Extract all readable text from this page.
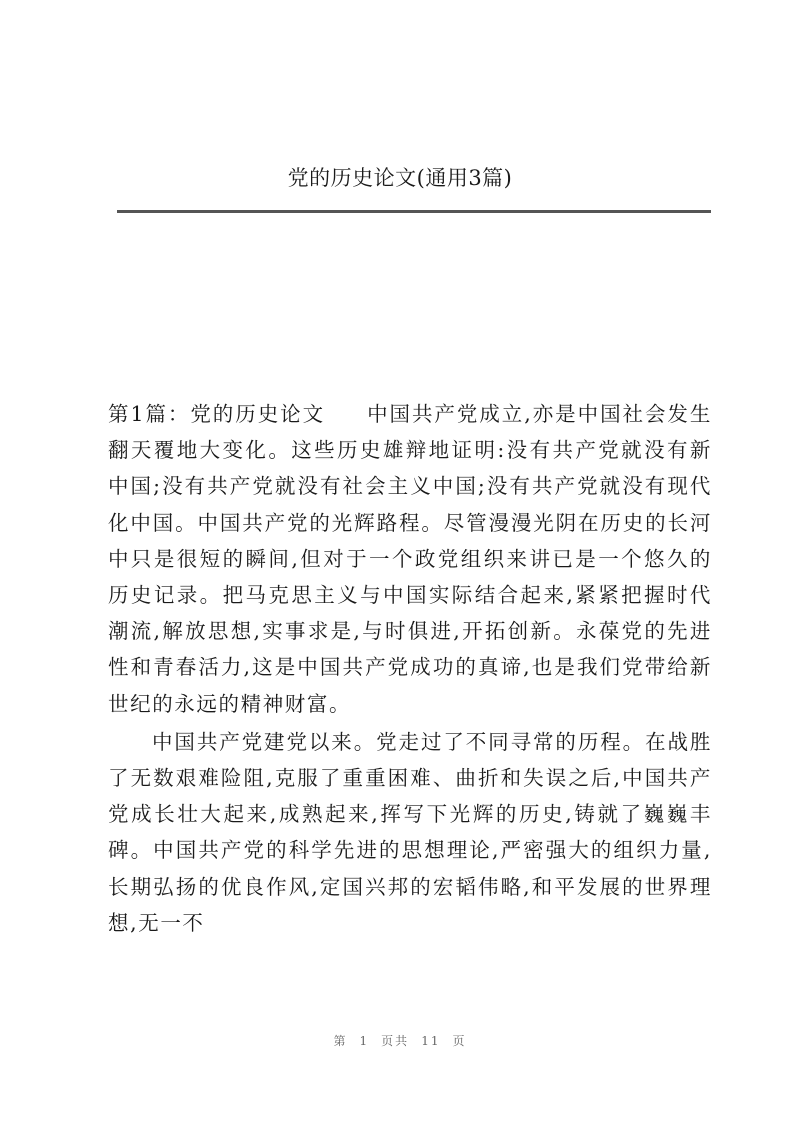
党的历史论文(通用3篇)

第1篇：党的历史论文 中国共产党成立,亦是中国社会发生翻天覆地大变化。这些历史雄辩地证明:没有共产党就没有新中国;没有共产党就没有社会主义中国;没有共产党就没有现代化中国。中国共产党的光辉路程。尽管漫漫光阴在历史的长河中只是很短的瞬间,但对于一个政党组织来讲已是一个悠久的历史记录。把马克思主义与中国实际结合起来,紧紧把握时代潮流,解放思想,实事求是,与时俱进,开拓创新。永葆党的先进性和青春活力,这是中国共产党成功的真谛,也是我们党带给新世纪的永远的精神财富。

中国共产党建党以来。党走过了不同寻常的历程。在战胜了无数艰难险阻,克服了重重困难、曲折和失误之后,中国共产党成长壮大起来,成熟起来,挥写下光辉的历史,铸就了巍巍丰碑。中国共产党的科学先进的思想理论,严密强大的组织力量,长期弘扬的优良作风,定国兴邦的宏韬伟略,和平发展的世界理想,无一不

第 1 页共 11 页
